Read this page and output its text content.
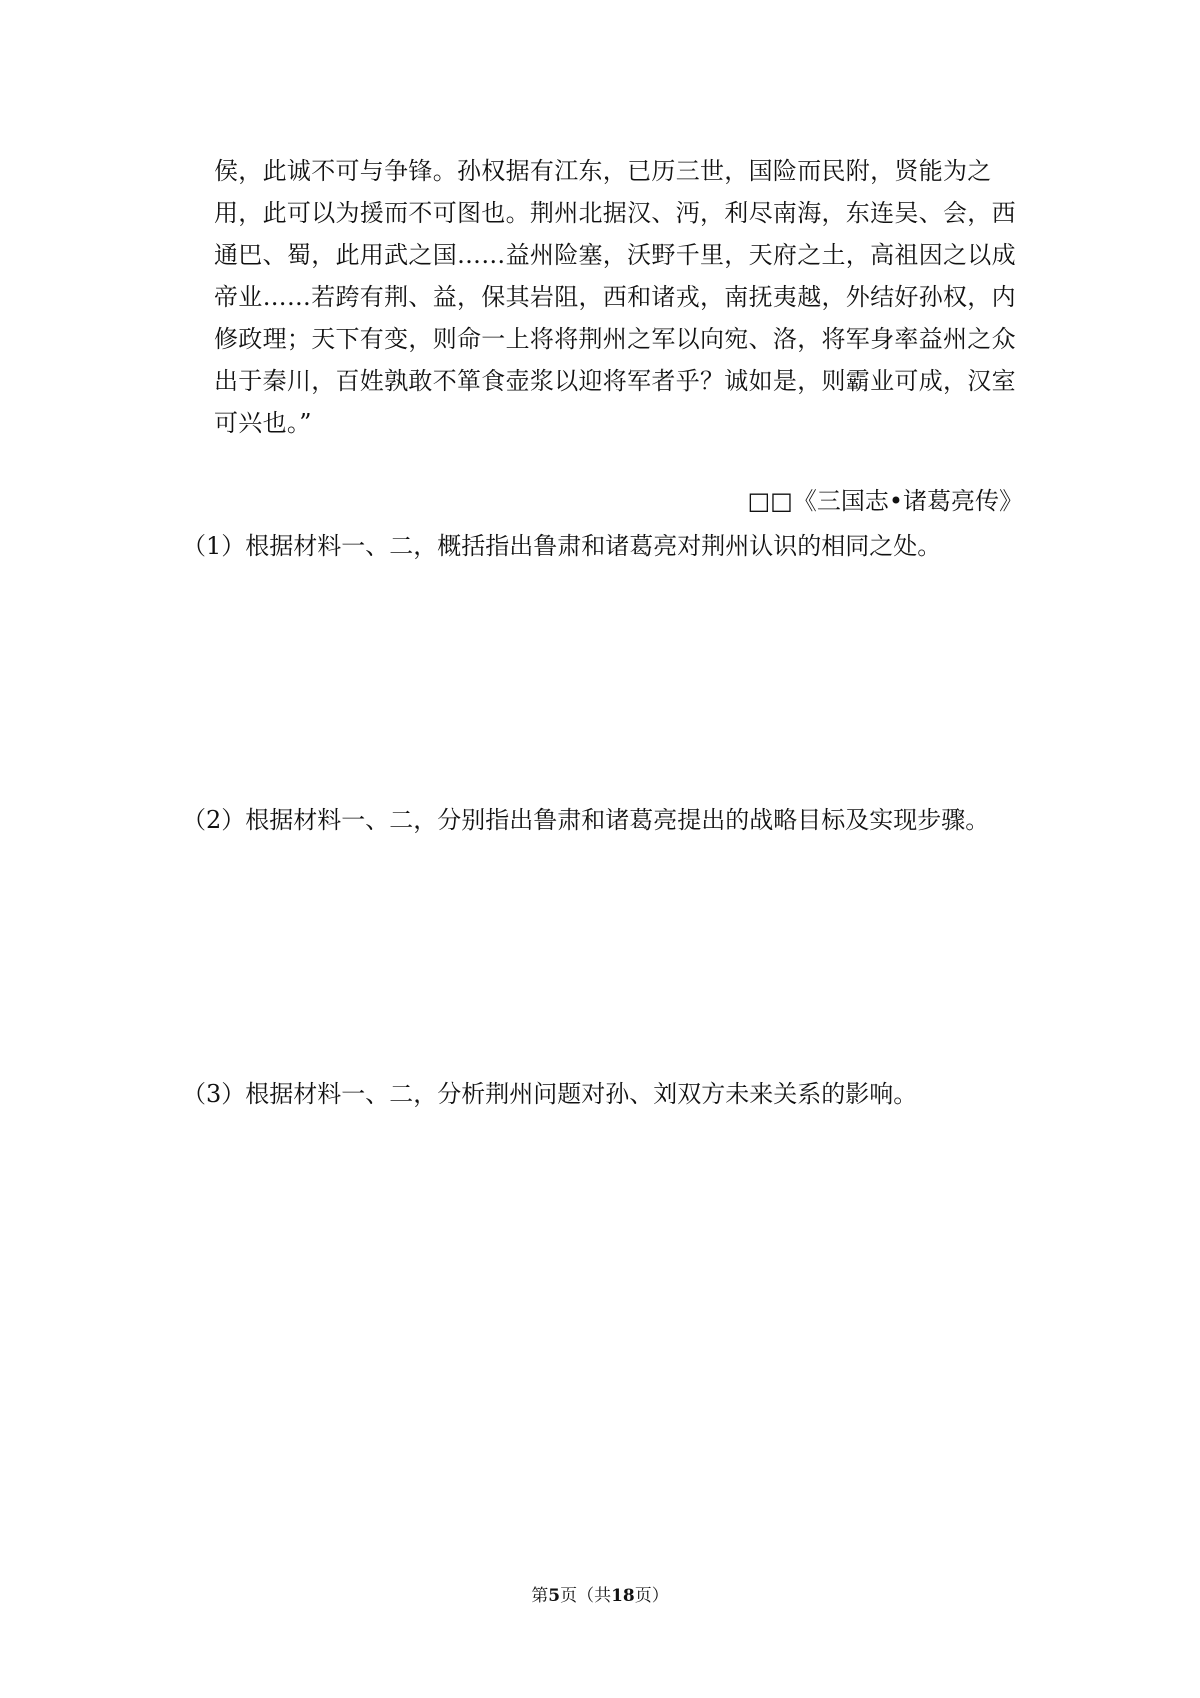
侯，此诚不可与争锋。孙权据有江东，已历三世，国险而民附，贤能为之
用，此可以为援而不可图也。荆州北据汉、沔，利尽南海，东连吴、会，西
通巴、蜀，此用武之国……益州险塞，沃野千里，天府之土，高祖因之以成
帝业……若跨有荆、益，保其岩阻，西和诸戎，南抚夷越，外结好孙权，内
修政理；天下有变，则命一上将将荆州之军以向宛、洛，将军身率益州之众
出于秦川，百姓孰敢不箪食壶浆以迎将军者乎？诚如是，则霸业可成，汉室
可兴也。”
□□《三国志•诸葛亮传》
（1）根据材料一、二，概括指出鲁肃和诸葛亮对荆州认识的相同之处。
（2）根据材料一、二，分别指出鲁肃和诸葛亮提出的战略目标及实现步骤。
（3）根据材料一、二，分析荆州问题对孙、刘双方未来关系的影响。
第5页（共18页）
